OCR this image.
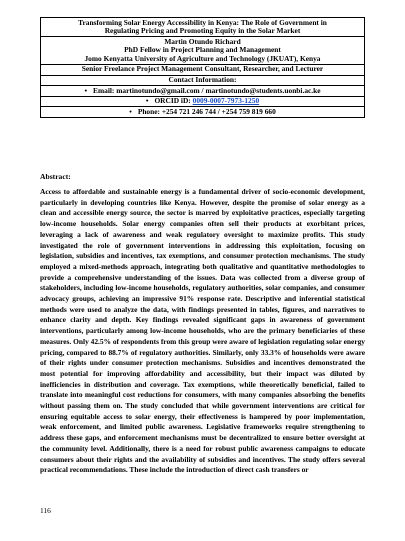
Transforming Solar Energy Accessibility in Kenya: The Role of Government in
Regulating Pricing and Promoting Equity in the Solar Market
Martin Otundo Richard
PhD Fellow in Project Planning and Management
Jomo Kenyatta University of Agriculture and Technology (JKUAT), Kenya
Senior Freelance Project Management Consultant, Researcher, and Lecturer
Contact Information:
• Email: martinotundo@gmail.com / martinotundo@students.uonbi.ac.ke
• ORCID iD: 0009-0007-7973-1250
• Phone: +254 721 246 744 / +254 759 819 660
Abstract:

Access to affordable and sustainable energy is a fundamental driver of socio-economic development, particularly in developing countries like Kenya. However, despite the promise of solar energy as a clean and accessible energy source, the sector is marred by exploitative practices, especially targeting low-income households. Solar energy companies often sell their products at exorbitant prices, leveraging a lack of awareness and weak regulatory oversight to maximize profits. This study investigated the role of government interventions in addressing this exploitation, focusing on legislation, subsidies and incentives, tax exemptions, and consumer protection mechanisms. The study employed a mixed-methods approach, integrating both qualitative and quantitative methodologies to provide a comprehensive understanding of the issues. Data was collected from a diverse group of stakeholders, including low-income households, regulatory authorities, solar companies, and consumer advocacy groups, achieving an impressive 91% response rate. Descriptive and inferential statistical methods were used to analyze the data, with findings presented in tables, figures, and narratives to enhance clarity and depth. Key findings revealed significant gaps in awareness of government interventions, particularly among low-income households, who are the primary beneficiaries of these measures. Only 42.5% of respondents from this group were aware of legislation regulating solar energy pricing, compared to 88.7% of regulatory authorities. Similarly, only 33.3% of households were aware of their rights under consumer protection mechanisms. Subsidies and incentives demonstrated the most potential for improving affordability and accessibility, but their impact was diluted by inefficiencies in distribution and coverage. Tax exemptions, while theoretically beneficial, failed to translate into meaningful cost reductions for consumers, with many companies absorbing the benefits without passing them on. The study concluded that while government interventions are critical for ensuring equitable access to solar energy, their effectiveness is hampered by poor implementation, weak enforcement, and limited public awareness. Legislative frameworks require strengthening to address these gaps, and enforcement mechanisms must be decentralized to ensure better oversight at the community level. Additionally, there is a need for robust public awareness campaigns to educate consumers about their rights and the availability of subsidies and incentives. The study offers several practical recommendations. These include the introduction of direct cash transfers or

116
